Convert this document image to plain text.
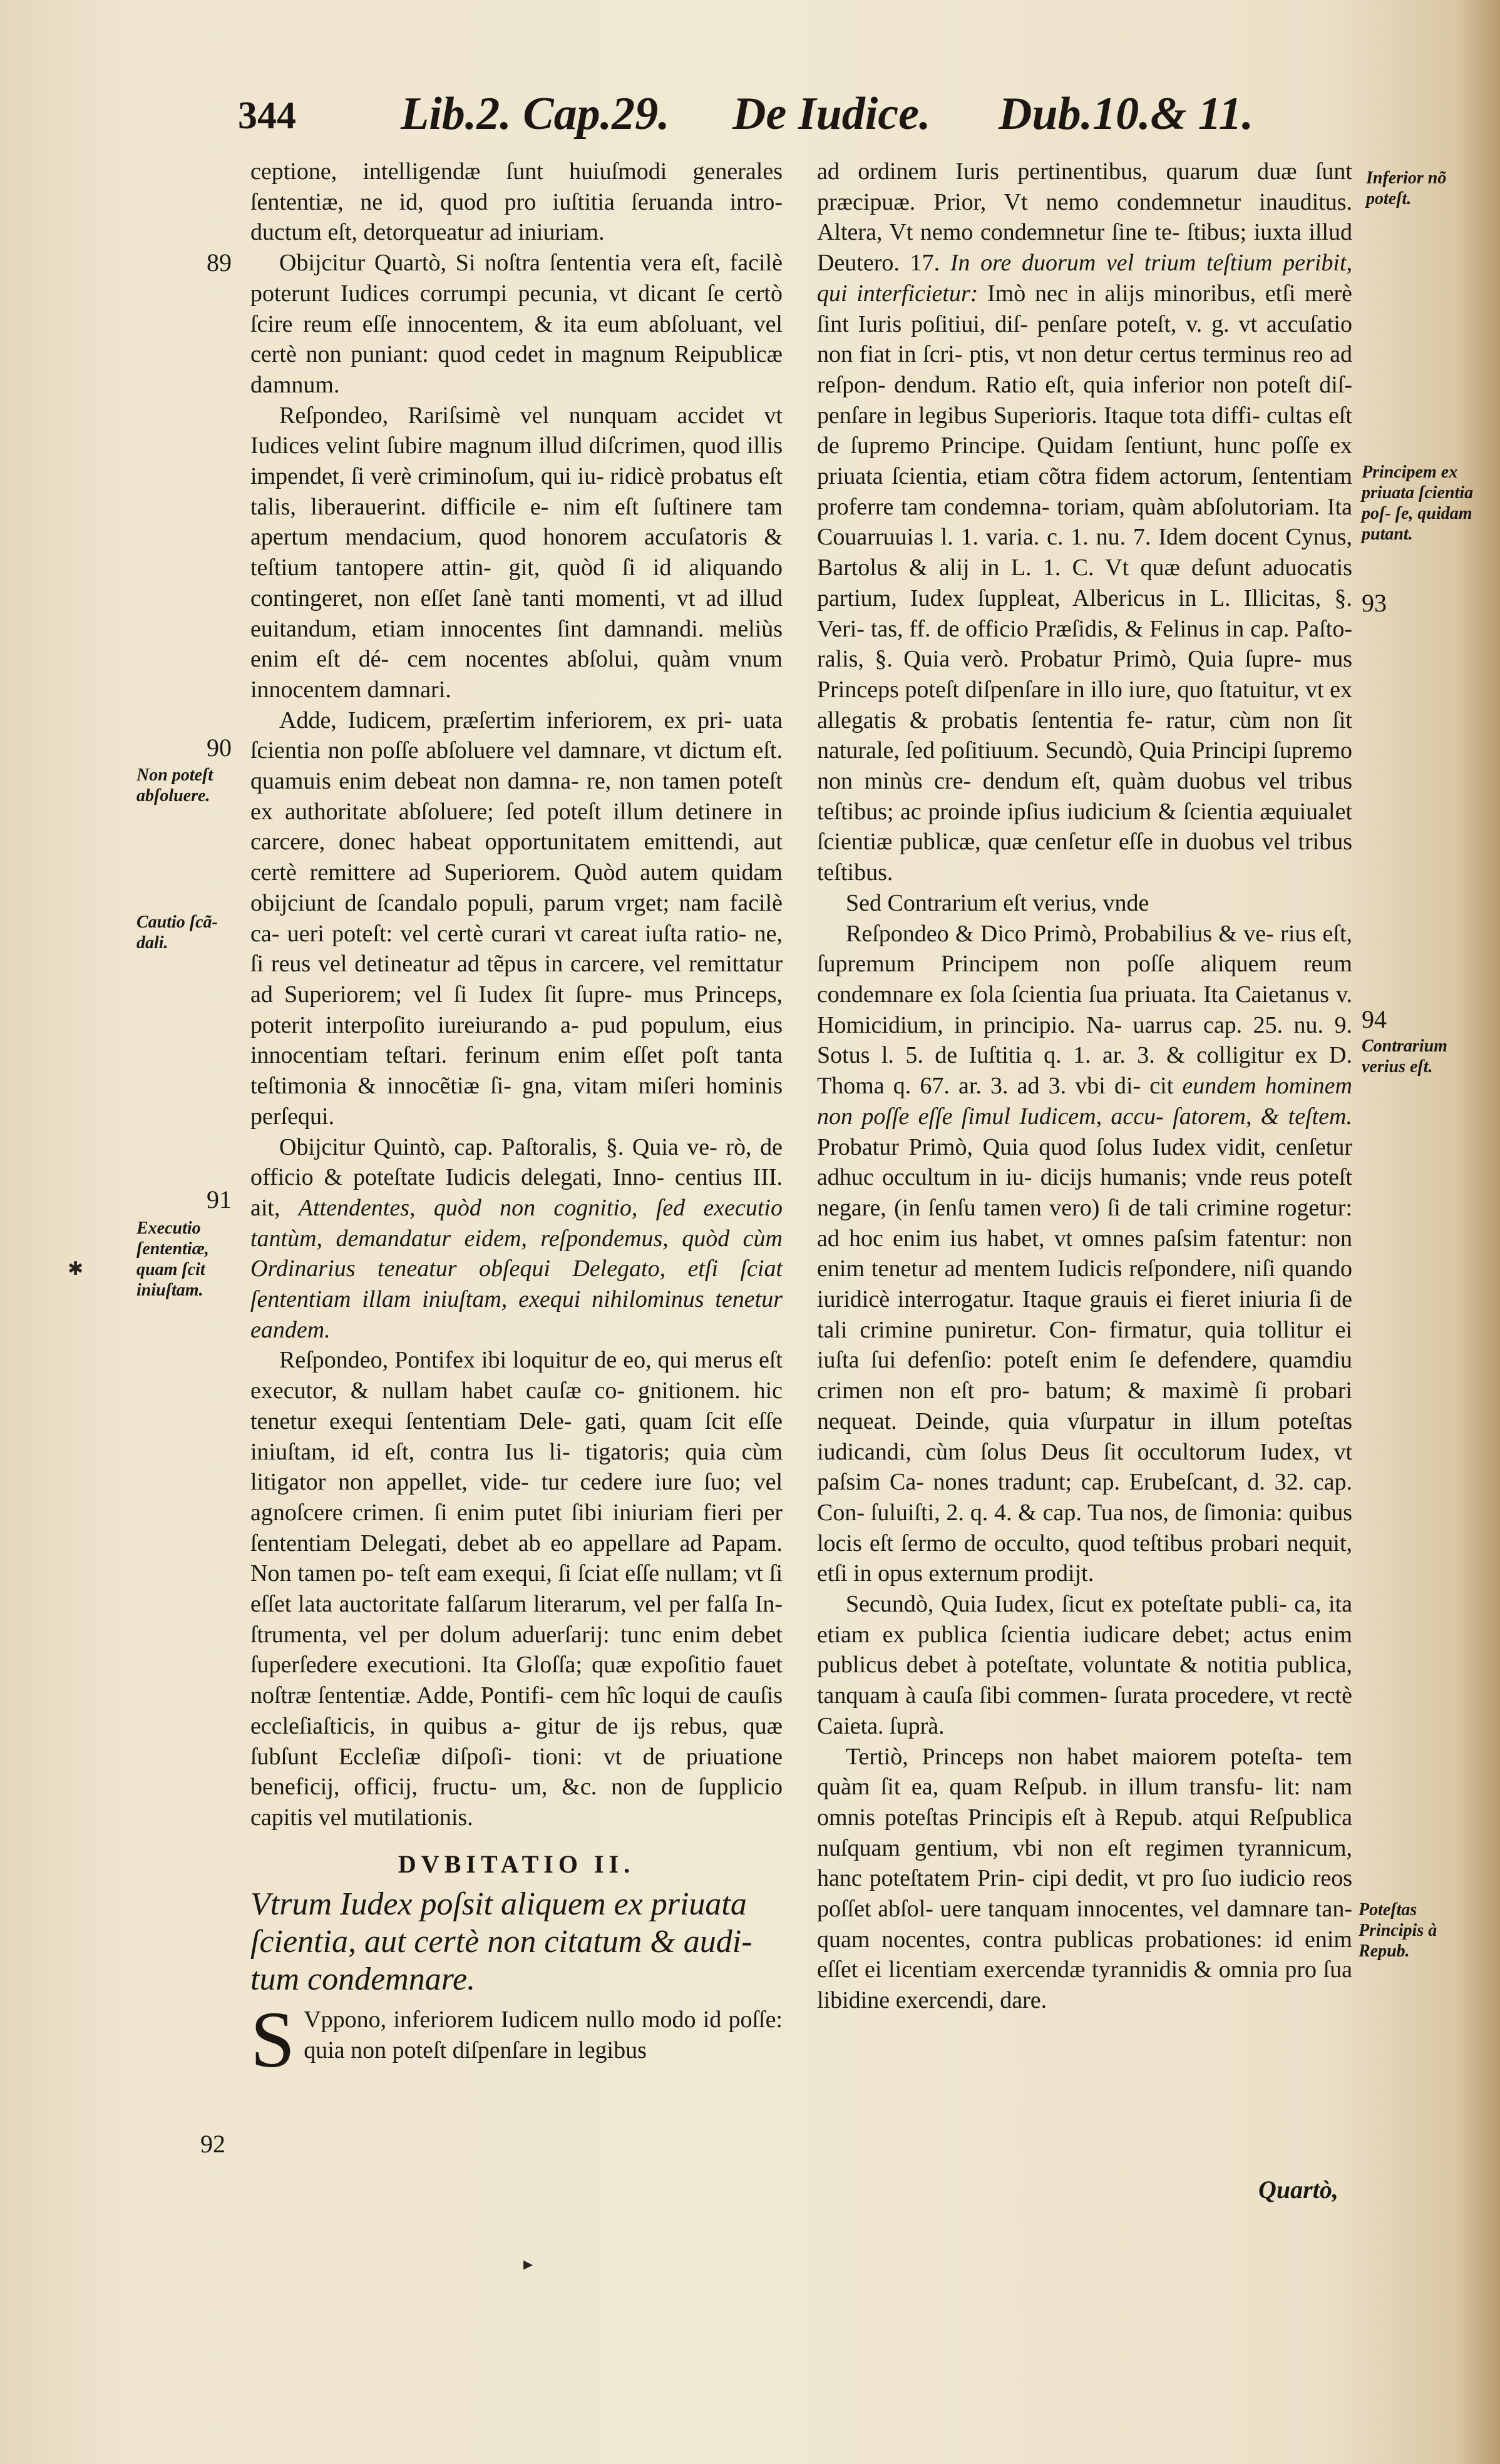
344 Lib.2. Cap.29. De Iudice. Dub.10.& 11.

ceptione, intelligendæ ſunt huiuſmodi generales ſententiæ, ne id, quod pro iuſtitia ſeruanda intro- ductum eſt, detorqueatur ad iniuriam.

Obijcitur Quartò, Si noſtra ſententia vera eſt, facilè poterunt Iudices corrumpi pecunia, vt dicant ſe certò ſcire reum eſſe innocentem, & ita eum abſoluant, vel certè non puniant: quod cedet in magnum Reipublicæ damnum.

Reſpondeo, Rariſsimè vel nunquam accidet vt Iudices velint ſubire magnum illud diſcrimen, quod illis impendet, ſi verè criminoſum, qui iu- ridicè probatus eſt talis, liberauerint. difficile e- nim eſt ſuſtinere tam apertum mendacium, quod honorem accuſatoris & teſtium tantopere attin- git, quòd ſi id aliquando contingeret, non eſſet ſanè tanti momenti, vt ad illud euitandum, etiam innocentes ſint damnandi. meliùs enim eſt dé- cem nocentes abſolui, quàm vnum innocentem damnari.

Adde, Iudicem, præſertim inferiorem, ex pri- uata ſcientia non poſſe abſoluere vel damnare, vt dictum eſt. quamuis enim debeat non damna- re, non tamen poteſt ex authoritate abſoluere; ſed poteſt illum detinere in carcere, donec habeat opportunitatem emittendi, aut certè remittere ad Superiorem. Quòd autem quidam obijciunt de ſcandalo populi, parum vrget; nam facilè ca- ueri poteſt: vel certè curari vt careat iuſta ratio- ne, ſi reus vel detineatur ad tẽpus in carcere, vel remittatur ad Superiorem; vel ſi Iudex ſit ſupre- mus Princeps, poterit interpoſito iureiurando a- pud populum, eius innocentiam teſtari. ferinum enim eſſet poſt tanta teſtimonia & innocẽtiæ ſi- gna, vitam miſeri hominis perſequi.

Obijcitur Quintò, cap. Paſtoralis, §. Quia ve- rò, de officio & poteſtate Iudicis delegati, Inno- centius III. ait, Attendentes, quòd non cognitio, ſed executio tantùm, demandatur eidem, reſpondemus, quòd cùm Ordinarius teneatur obſequi Delegato, etſi ſciat ſententiam illam iniuſtam, exequi nihilominus tenetur eandem.

Reſpondeo, Pontifex ibi loquitur de eo, qui merus eſt executor, & nullam habet cauſæ co- gnitionem. hic tenetur exequi ſententiam Dele- gati, quam ſcit eſſe iniuſtam, id eſt, contra Ius li- tigatoris; quia cùm litigator non appellet, vide- tur cedere iure ſuo; vel agnoſcere crimen. ſi enim putet ſibi iniuriam fieri per ſententiam Delegati, debet ab eo appellare ad Papam. Non tamen po- teſt eam exequi, ſi ſciat eſſe nullam; vt ſi eſſet lata auctoritate falſarum literarum, vel per falſa In- ſtrumenta, vel per dolum aduerſarij: tunc enim debet ſuperſedere executioni. Ita Gloſſa; quæ expoſitio fauet noſtræ ſententiæ. Adde, Pontifi- cem hîc loqui de cauſis eccleſiaſticis, in quibus a- gitur de ijs rebus, quæ ſubſunt Eccleſiæ diſpoſi- tioni: vt de priuatione beneficij, officij, fructu- um, &c. non de ſupplicio capitis vel mutilationis.

DVBITATIO II.
Vtrum Iudex poſsit aliquem ex priuata ſcientia, aut certè non citatum & audi- tum condemnare.

S Vppono, inferiorem Iudicem nullo modo id poſſe: quia non poteſt diſpenſare in legibus

ad ordinem Iuris pertinentibus, quarum duæ ſunt præcipuæ. Prior, Vt nemo condemnetur inauditus. Altera, Vt nemo condemnetur ſine te- ſtibus; iuxta illud Deutero. 17. In ore duorum vel trium teſtium peribit, qui interficietur: Imò nec in alijs minoribus, etſi merè ſint Iuris poſitiui, diſ- penſare poteſt, v. g. vt accuſatio non fiat in ſcri- ptis, vt non detur certus terminus reo ad reſpon- dendum. Ratio eſt, quia inferior non poteſt diſ- penſare in legibus Superioris. Itaque tota diffi- cultas eſt de ſupremo Principe. Quidam ſentiunt, hunc poſſe ex priuata ſcientia, etiam cõtra fidem actorum, ſententiam proferre tam condemna- toriam, quàm abſolutoriam. Ita Couarruuias l. 1. varia. c. 1. nu. 7. Idem docent Cynus, Bartolus & alij in L. 1. C. Vt quæ deſunt aduocatis partium, Iudex ſuppleat, Albericus in L. Illicitas, §. Veri- tas, ff. de officio Præſidis, & Felinus in cap. Paſto- ralis, §. Quia verò. Probatur Primò, Quia ſupre- mus Princeps poteſt diſpenſare in illo iure, quo ſtatuitur, vt ex allegatis & probatis ſententia fe- ratur, cùm non ſit naturale, ſed poſitiuum. Secundò, Quia Principi ſupremo non minùs cre- dendum eſt, quàm duobus vel tribus teſtibus; ac proinde ipſius iudicium & ſcientia æquiualet ſcientiæ publicæ, quæ cenſetur eſſe in duobus vel tribus teſtibus.

Sed Contrarium eſt verius, vnde

Reſpondeo & Dico Primò, Probabilius & ve- rius eſt, ſupremum Principem non poſſe aliquem reum condemnare ex ſola ſcientia ſua priuata. Ita Caietanus v. Homicidium, in principio. Na- uarrus cap. 25. nu. 9. Sotus l. 5. de Iuſtitia q. 1. ar. 3. & colligitur ex D. Thoma q. 67. ar. 3. ad 3. vbi di- cit eundem hominem non poſſe eſſe ſimul Iudicem, accu- ſatorem, & teſtem. Probatur Primò, Quia quod ſolus Iudex vidit, cenſetur adhuc occultum in iu- dicijs humanis; vnde reus poteſt negare, (in ſenſu tamen vero) ſi de tali crimine rogetur: ad hoc enim ius habet, vt omnes paſsim fatentur: non enim tenetur ad mentem Iudicis reſpondere, niſi quando iuridicè interrogatur. Itaque grauis ei fieret iniuria ſi de tali crimine puniretur. Con- firmatur, quia tollitur ei iuſta ſui defenſio: poteſt enim ſe defendere, quamdiu crimen non eſt pro- batum; & maximè ſi probari nequeat. Deinde, quia vſurpatur in illum poteſtas iudicandi, cùm ſolus Deus ſit occultorum Iudex, vt paſsim Ca- nones tradunt; cap. Erubeſcant, d. 32. cap. Con- ſuluiſti, 2. q. 4. & cap. Tua nos, de ſimonia: quibus locis eſt ſermo de occulto, quod teſtibus probari nequit, etſi in opus externum prodijt.

Secundò, Quia Iudex, ſicut ex poteſtate publi- ca, ita etiam ex publica ſcientia iudicare debet; actus enim publicus debet à poteſtate, voluntate & notitia publica, tanquam à cauſa ſibi commen- ſurata procedere, vt rectè Caieta. ſuprà.

Tertiò, Princeps non habet maiorem poteſta- tem quàm ſit ea, quam Reſpub. in illum transfu- lit: nam omnis poteſtas Principis eſt à Repub. atqui Reſpublica nuſquam gentium, vbi non eſt regimen tyrannicum, hanc poteſtatem Prin- cipi dedit, vt pro ſuo iudicio reos poſſet abſol- uere tanquam innocentes, vel damnare tan- quam nocentes, contra publicas probationes: id enim eſſet ei licentiam exercendæ tyrannidis & omnia pro ſua libidine exercendi, dare.

Quartò,
89
90
91
92
93
94
Non poteſt abſoluere.
Cautio ſcã- dali.
Executio ſententiæ, quam ſcit iniuſtam.
Inferior nõ poteſt.
Principem ex priuata ſcientia poſ- ſe, quidam putant.
Contrarium verius eſt.
Poteſtas Principis à Repub.
✱
▸
